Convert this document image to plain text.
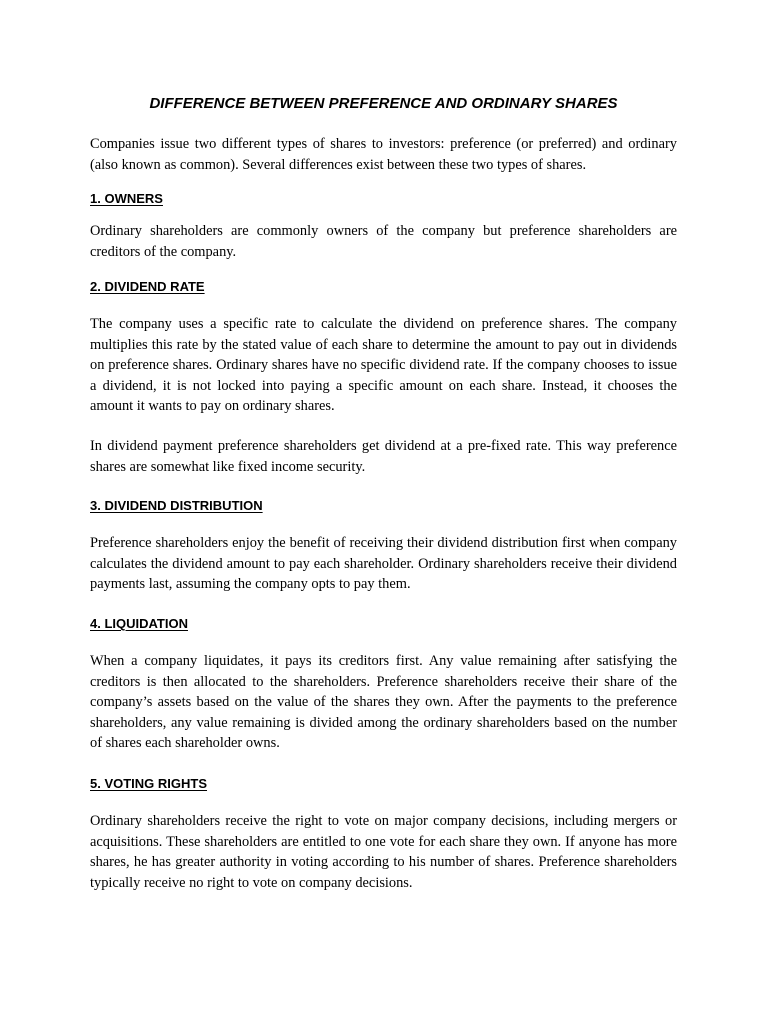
DIFFERENCE BETWEEN PREFERENCE AND ORDINARY SHARES

Companies issue two different types of shares to investors: preference (or preferred) and ordinary (also known as common). Several differences exist between these two types of shares.

1. OWNERS

Ordinary shareholders are commonly owners of the company but preference shareholders are creditors of the company.

2. DIVIDEND RATE

The company uses a specific rate to calculate the dividend on preference shares. The company multiplies this rate by the stated value of each share to determine the amount to pay out in dividends on preference shares. Ordinary shares have no specific dividend rate. If the company chooses to issue a dividend, it is not locked into paying a specific amount on each share. Instead, it chooses the amount it wants to pay on ordinary shares.

In dividend payment preference shareholders get dividend at a pre-fixed rate. This way preference shares are somewhat like fixed income security.

3. DIVIDEND DISTRIBUTION

Preference shareholders enjoy the benefit of receiving their dividend distribution first when company calculates the dividend amount to pay each shareholder. Ordinary shareholders receive their dividend payments last, assuming the company opts to pay them.

4. LIQUIDATION

When a company liquidates, it pays its creditors first. Any value remaining after satisfying the creditors is then allocated to the shareholders. Preference shareholders receive their share of the company’s assets based on the value of the shares they own. After the payments to the preference shareholders, any value remaining is divided among the ordinary shareholders based on the number of shares each shareholder owns.

5. VOTING RIGHTS

Ordinary shareholders receive the right to vote on major company decisions, including mergers or acquisitions. These shareholders are entitled to one vote for each share they own. If anyone has more shares, he has greater authority in voting according to his number of shares. Preference shareholders typically receive no right to vote on company decisions.
